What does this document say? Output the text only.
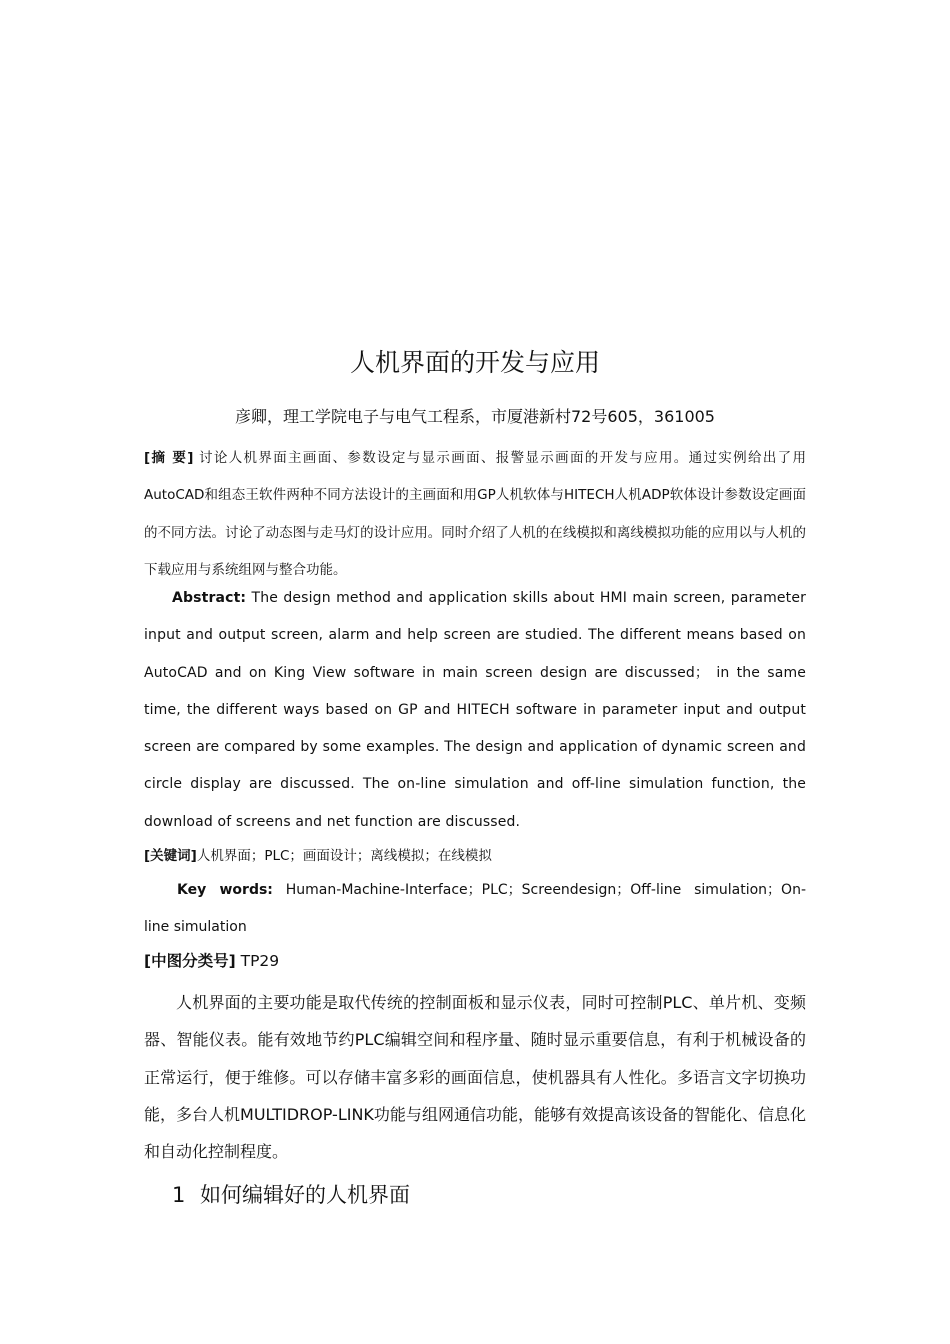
人机界面的开发与应用
彦卿，理工学院电子与电气工程系，市厦港新村72号605，361005
[摘 要] 讨论人机界面主画面、参数设定与显示画面、报警显示画面的开发与应用。通过实例给出了用AutoCAD和组态王软件两种不同方法设计的主画面和用GP人机软体与HITECH人机ADP软体设计参数设定画面的不同方法。讨论了动态图与走马灯的设计应用。同时介绍了人机的在线模拟和离线模拟功能的应用以与人机的下载应用与系统组网与整合功能。
Abstract: The design method and application skills about HMI main screen, parameter input and output screen, alarm and help screen are studied. The different means based on AutoCAD and on King View software in main screen design are discussed； in the same time, the different ways based on GP and HITECH software in parameter input and output screen are compared by some examples. The design and application of dynamic screen and circle display are discussed. The on-line simulation and off-line simulation function, the download of screens and net function are discussed.
[关键词]人机界面；PLC；画面设计；离线模拟；在线模拟
Key words: Human-Machine-Interface；PLC；Screendesign；Off-line simulation；On-line simulation
[中图分类号] TP29
人机界面的主要功能是取代传统的控制面板和显示仪表，同时可控制PLC、单片机、变频器、智能仪表。能有效地节约PLC编辑空间和程序量、随时显示重要信息，有利于机械设备的正常运行，便于维修。可以存储丰富多彩的画面信息，使机器具有人性化。多语言文字切换功能，多台人机MULTIDROP-LINK功能与组网通信功能，能够有效提高该设备的智能化、信息化和自动化控制程度。
1 如何编辑好的人机界面
